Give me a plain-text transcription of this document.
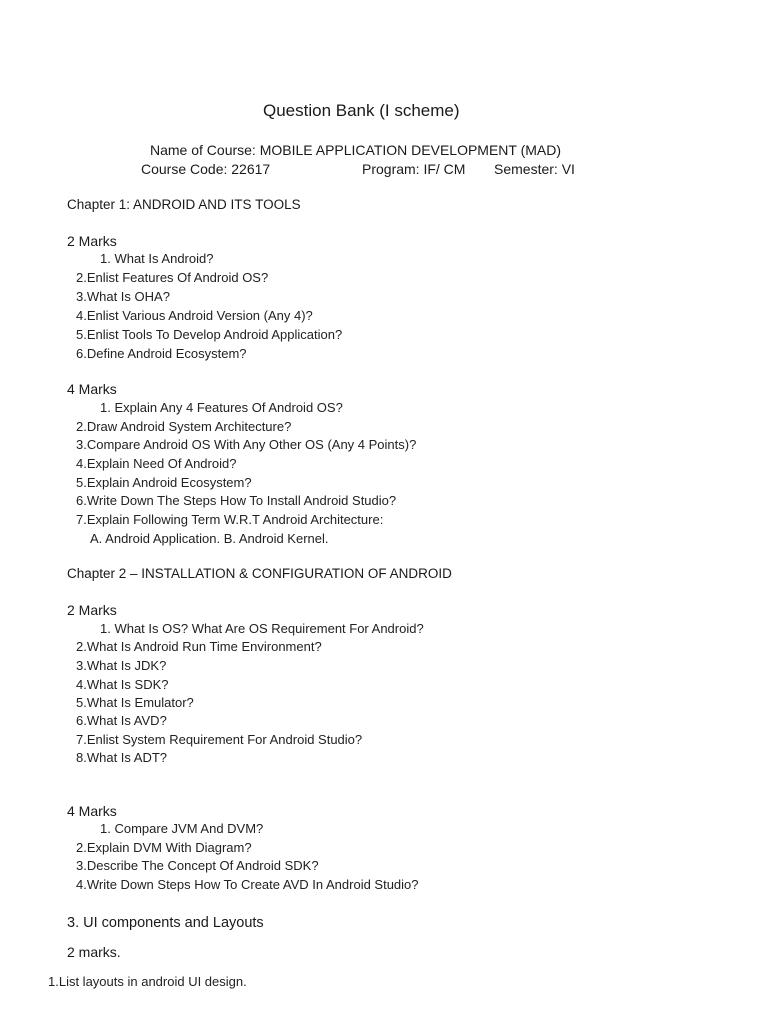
Question Bank (I scheme)
Name of Course: MOBILE APPLICATION DEVELOPMENT (MAD)
Course Code: 22617	Program: IF/ CM Semester: VI
Chapter 1: ANDROID AND ITS TOOLS
2 Marks
1. What Is Android?
2.Enlist Features Of Android OS?
3.What Is OHA?
4.Enlist Various Android Version (Any 4)?
5.Enlist Tools To Develop Android Application?
6.Define Android Ecosystem?
4 Marks
1. Explain Any 4 Features Of Android OS?
2.Draw Android System Architecture?
3.Compare Android OS With Any Other OS (Any 4 Points)?
4.Explain Need Of Android?
5.Explain Android Ecosystem?
6.Write Down The Steps How To Install Android Studio?
7.Explain Following Term W.R.T Android Architecture:
A. Android Application. B. Android Kernel.
Chapter 2 – INSTALLATION & CONFIGURATION OF ANDROID
2 Marks
1. What Is OS? What Are OS Requirement For Android?
2.What Is Android Run Time Environment?
3.What Is JDK?
4.What Is SDK?
5.What Is Emulator?
6.What Is AVD?
7.Enlist System Requirement For Android Studio?
8.What Is ADT?
4 Marks
1. Compare JVM And DVM?
2.Explain DVM With Diagram?
3.Describe The Concept Of Android SDK?
4.Write Down Steps How To Create AVD In Android Studio?
3. UI components and Layouts
2 marks.
1.List layouts in android UI design.
